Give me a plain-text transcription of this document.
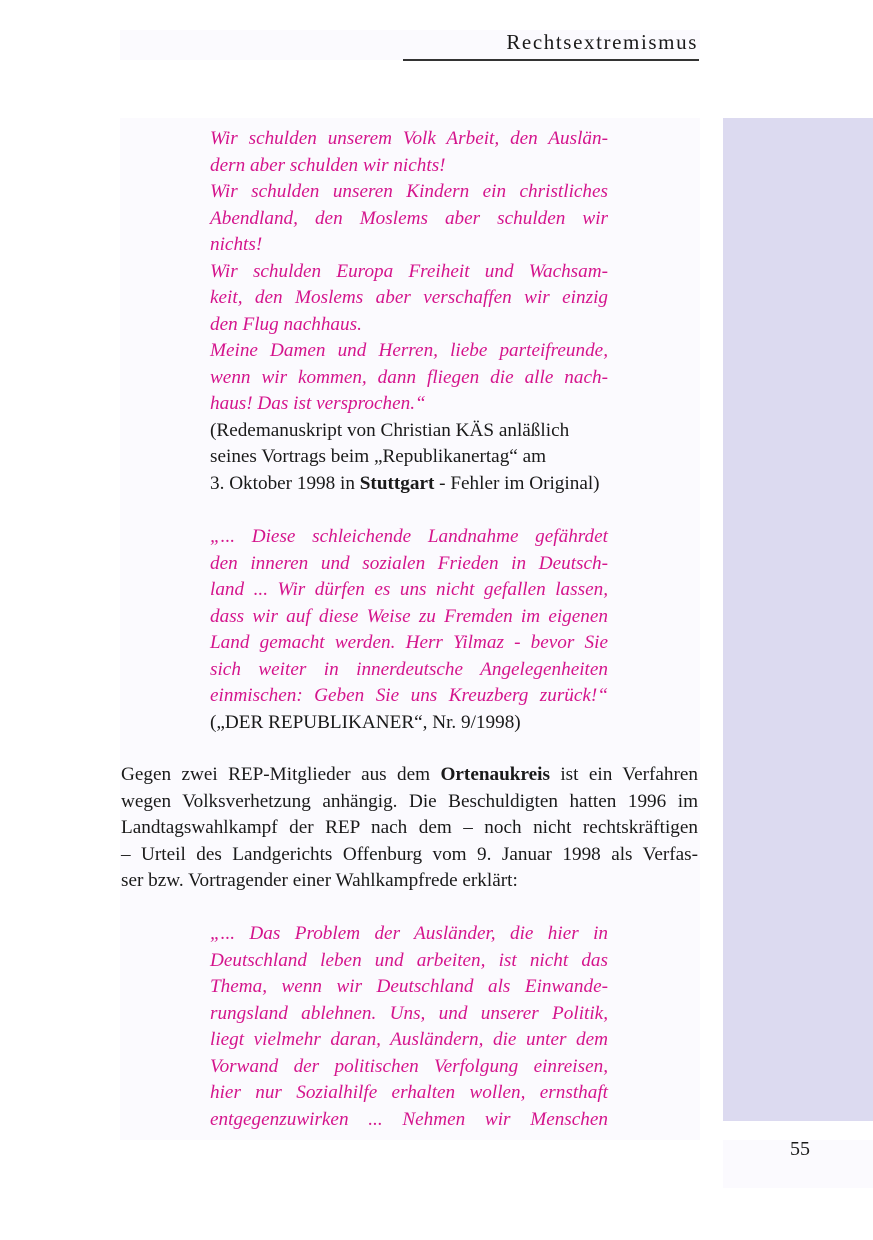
Rechtsextremismus
Wir schulden unserem Volk Arbeit, den Auslän-
dern aber schulden wir nichts!
Wir schulden unseren Kindern ein christliches
Abendland, den Moslems aber schulden wir
nichts!
Wir schulden Europa Freiheit und Wachsam-
keit, den Moslems aber verschaffen wir einzig
den Flug nachhaus.
Meine Damen und Herren, liebe parteifreunde,
wenn wir kommen, dann fliegen die alle nach-
haus! Das ist versprochen.“
(Redemanuskript von Christian KÄS anläßlich
seines Vortrags beim „Republikanertag“ am
3. Oktober 1998 in Stuttgart - Fehler im Original)
„... Diese schleichende Landnahme gefährdet
den inneren und sozialen Frieden in Deutsch-
land ... Wir dürfen es uns nicht gefallen lassen,
dass wir auf diese Weise zu Fremden im eigenen
Land gemacht werden. Herr Yilmaz - bevor Sie
sich weiter in innerdeutsche Angelegenheiten
einmischen: Geben Sie uns Kreuzberg zurück!“
(„DER REPUBLIKANER“, Nr. 9/1998)
Gegen zwei REP-Mitglieder aus dem Ortenaukreis ist ein Verfahren
wegen Volksverhetzung anhängig. Die Beschuldigten hatten 1996 im
Landtagswahlkampf der REP nach dem – noch nicht rechtskräftigen
– Urteil des Landgerichts Offenburg vom 9. Januar 1998 als Verfas-
ser bzw. Vortragender einer Wahlkampfrede erklärt:
„... Das Problem der Ausländer, die hier in
Deutschland leben und arbeiten, ist nicht das
Thema, wenn wir Deutschland als Einwande-
rungsland ablehnen. Uns, und unserer Politik,
liegt vielmehr daran, Ausländern, die unter dem
Vorwand der politischen Verfolgung einreisen,
hier nur Sozialhilfe erhalten wollen, ernsthaft
entgegenzuwirken ... Nehmen wir Menschen
55
